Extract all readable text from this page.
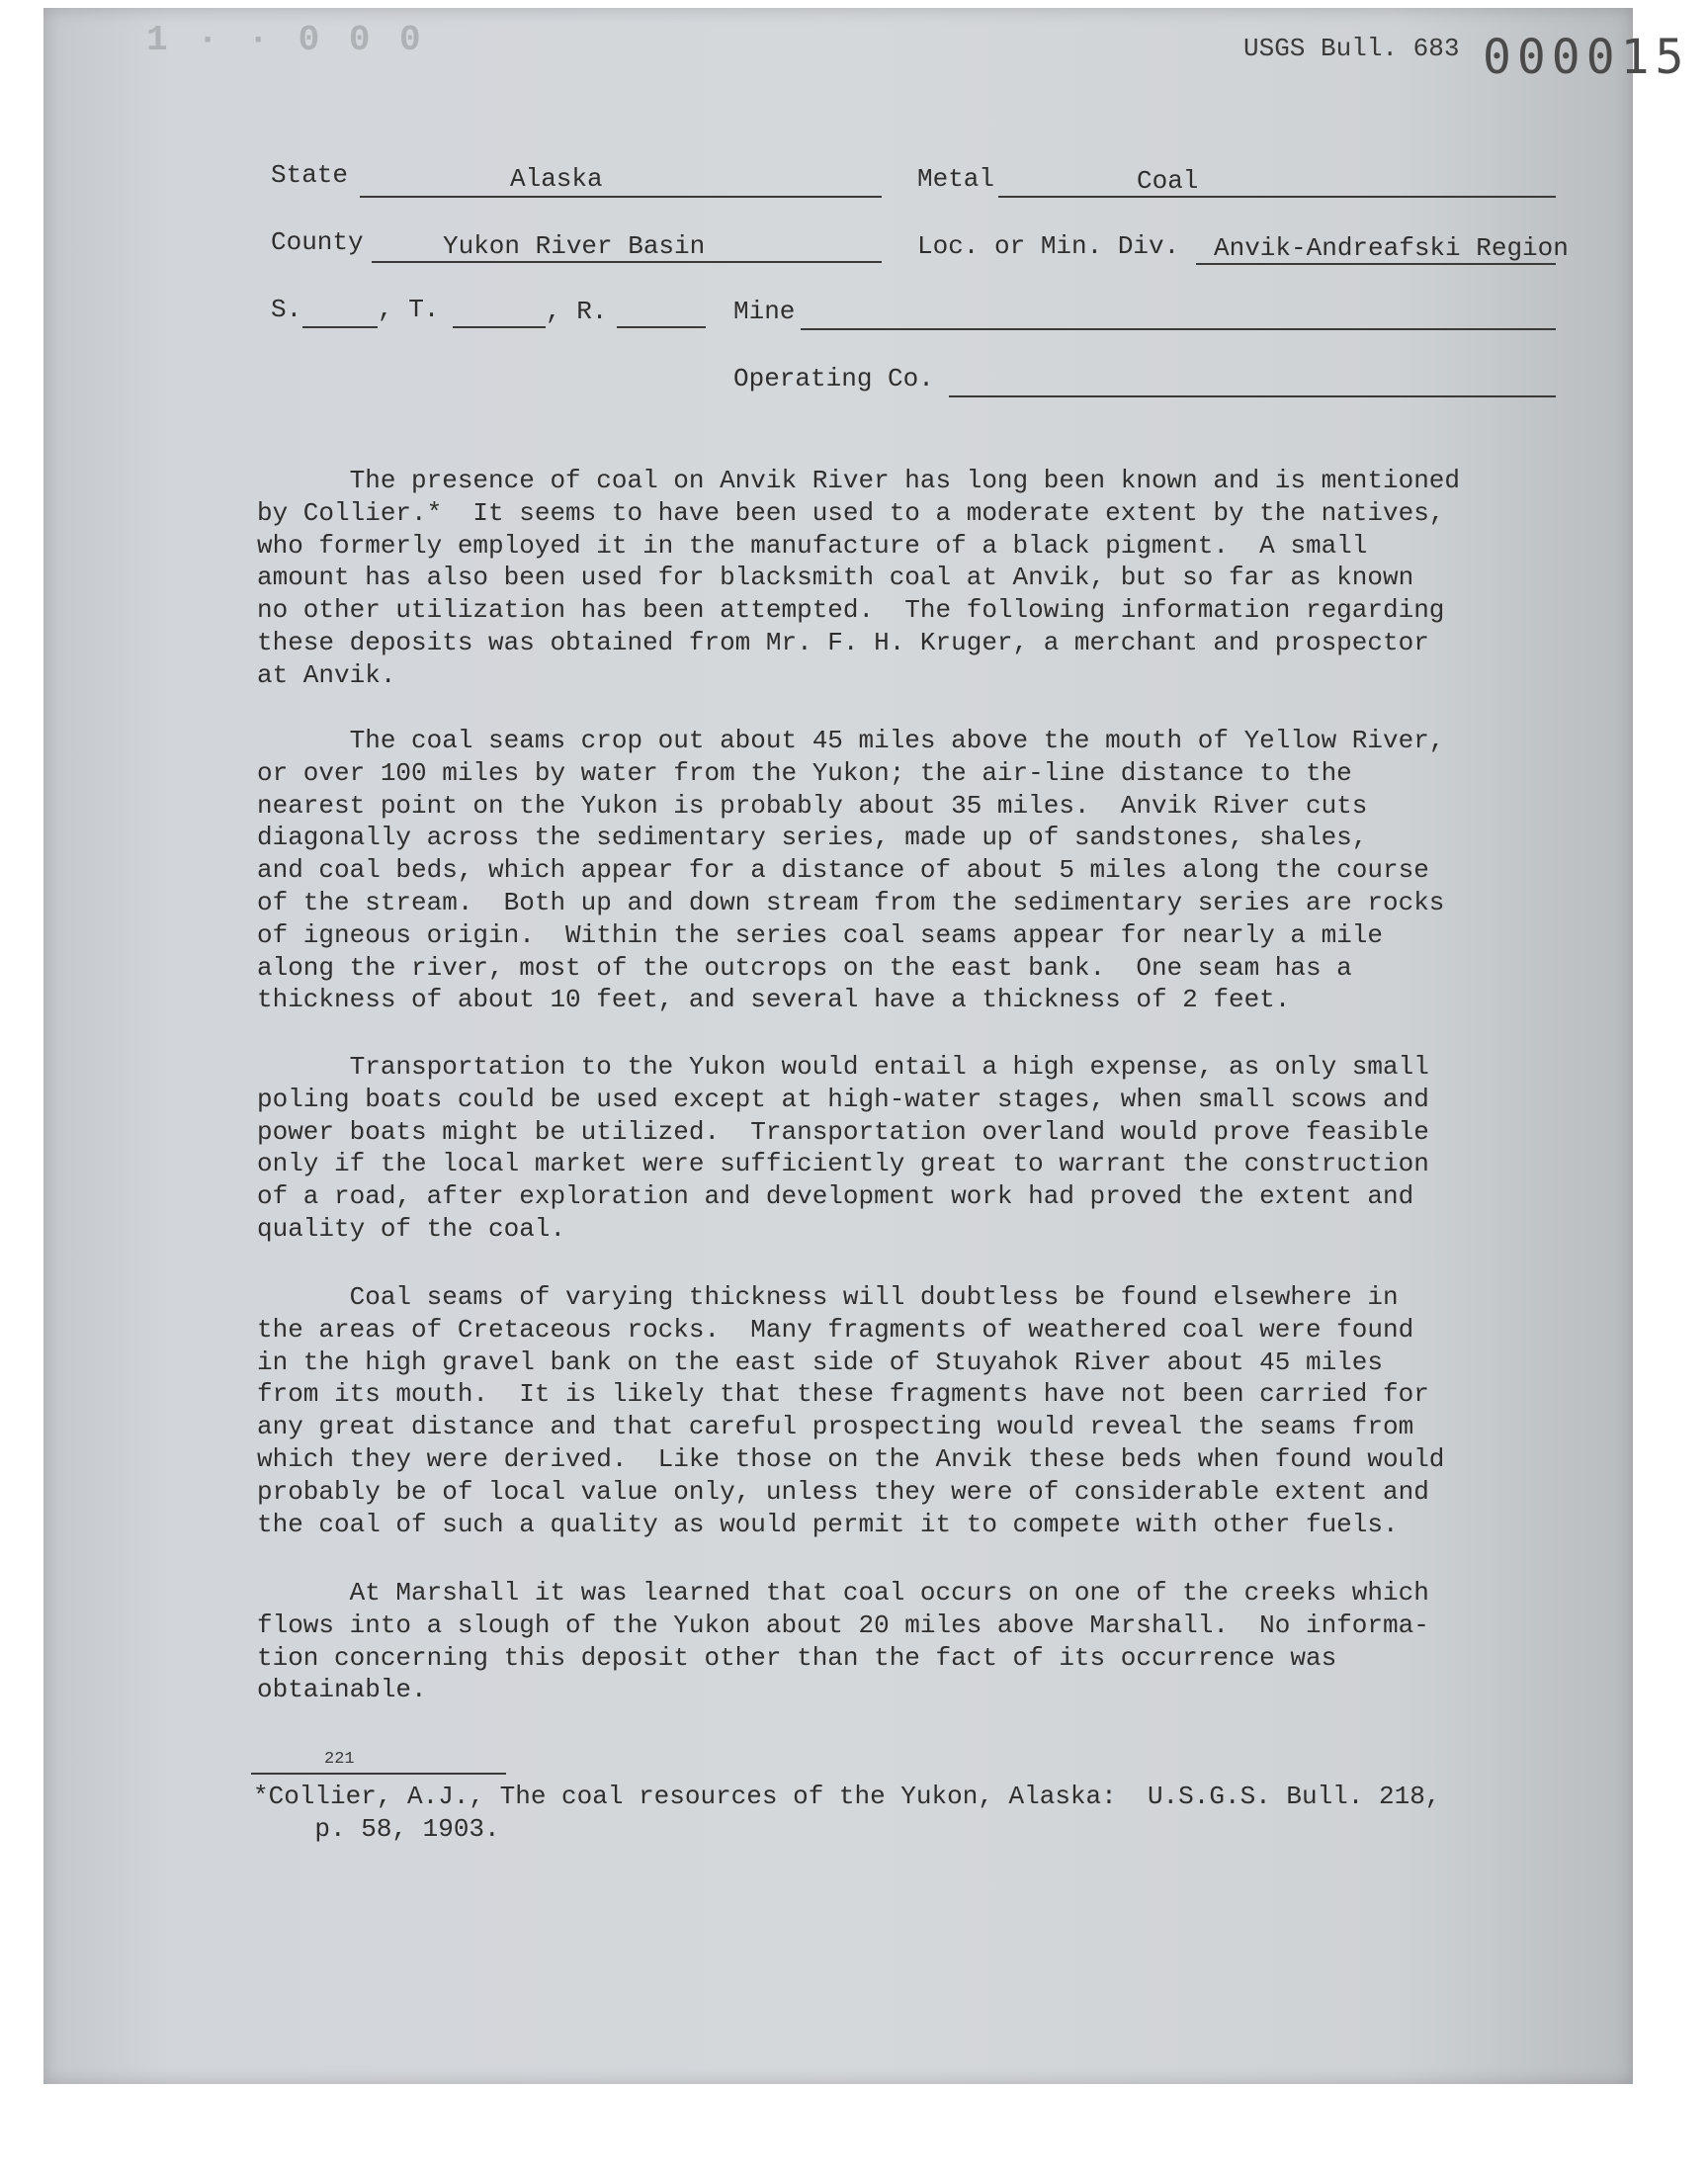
1 · · 0 0 0	USGS Bull. 683 000015

State	Alaska	Metal	Coal

County	Yukon River Basin	Loc. or Min. Div. Anvik-Andreafski Region

S.	, T.	, R.	Mine

Operating Co.

The presence of coal on Anvik River has long been known and is mentioned
by Collier.*  It seems to have been used to a moderate extent by the natives,
who formerly employed it in the manufacture of a black pigment.  A small
amount has also been used for blacksmith coal at Anvik, but so far as known
no other utilization has been attempted.  The following information regarding
these deposits was obtained from Mr. F. H. Kruger, a merchant and prospector
at Anvik.

The coal seams crop out about 45 miles above the mouth of Yellow River,
or over 100 miles by water from the Yukon; the air-line distance to the
nearest point on the Yukon is probably about 35 miles.  Anvik River cuts
diagonally across the sedimentary series, made up of sandstones, shales,
and coal beds, which appear for a distance of about 5 miles along the course
of the stream.  Both up and down stream from the sedimentary series are rocks
of igneous origin.  Within the series coal seams appear for nearly a mile
along the river, most of the outcrops on the east bank.  One seam has a
thickness of about 10 feet, and several have a thickness of 2 feet.

Transportation to the Yukon would entail a high expense, as only small
poling boats could be used except at high-water stages, when small scows and
power boats might be utilized.  Transportation overland would prove feasible
only if the local market were sufficiently great to warrant the construction
of a road, after exploration and development work had proved the extent and
quality of the coal.

Coal seams of varying thickness will doubtless be found elsewhere in
the areas of Cretaceous rocks.  Many fragments of weathered coal were found
in the high gravel bank on the east side of Stuyahok River about 45 miles
from its mouth.  It is likely that these fragments have not been carried for
any great distance and that careful prospecting would reveal the seams from
which they were derived.  Like those on the Anvik these beds when found would
probably be of local value only, unless they were of considerable extent and
the coal of such a quality as would permit it to compete with other fuels.

At Marshall it was learned that coal occurs on one of the creeks which
flows into a slough of the Yukon about 20 miles above Marshall.  No informa-
tion concerning this deposit other than the fact of its occurrence was
obtainable.

221

*Collier, A.J., The coal resources of the Yukon, Alaska:  U.S.G.S. Bull. 218,
p. 58, 1903.
